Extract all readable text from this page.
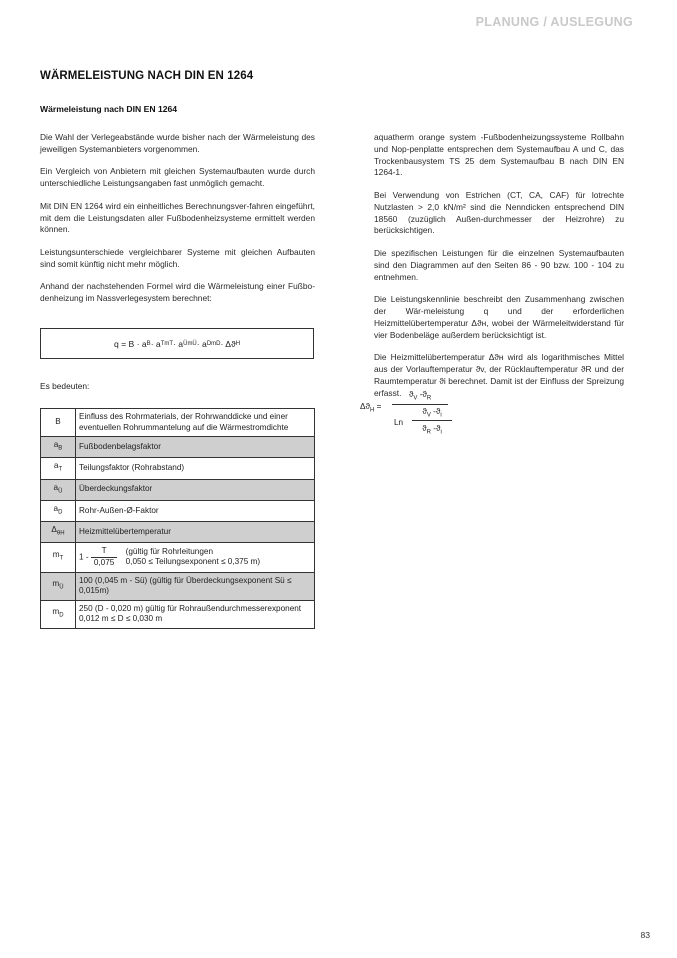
PLANUNG / AUSLEGUNG
WÄRMELEISTUNG NACH DIN EN 1264
Wärmeleistung nach DIN EN 1264

Die Wahl der Verlegeabstände wurde bisher nach der Wärmeleistung des jeweiligen Systemanbieters vorgenommen.

Ein Vergleich von Anbietern mit gleichen Systemaufbauten wurde durch unterschiedliche Leistungsangaben fast unmöglich gemacht.

Mit DIN EN 1264 wird ein einheitliches Berechnungsver-fahren eingeführt, mit dem die Leistungsdaten aller Fußbodenheizsysteme ermittelt werden können.

Leistungsunterschiede vergleichbarer Systeme mit gleichen Aufbauten sind somit künftig nicht mehr möglich.

Anhand der nachstehenden Formel wird die Wärmeleistung einer Fußbo-denheizung im Nassverlegesystem berechnet:

q
= B · a B · a T mT · a Ü mÜ · a D mD · Δϑ H
Es bedeuten:
B	Einfluss des Rohrmaterials, der Rohrwanddicke und einer eventuellen Rohrummantelung auf die Wärmestromdichte
$a_B$	Fußbodenbelagsfaktor
$a_T$	Teilungsfaktor (Rohrabstand)
$a_Ü$	Überdeckungsfaktor
$a_D$	Rohr-Außen-Ø-Faktor
$\Delta_{\theta H}$	Heizmittelübertemperatur
$m_T$	$1 - \frac{T}{0,075}$
(gültig für Rohrleitungen
0,050 ≤ Teilungsexponent ≤ 0,375 m)

$m_Ü$	100 (0,045 m - Sü) (gültig für Überdeckungsexponent Sü ≤ 0,015m)
$m_D$	250 (D - 0,020 m) gültig für Rohraußendurchmesserexponent 0,012 m ≤ D ≤ 0,030 m

aquatherm orange system -Fußbodenheizungssysteme Rollbahn und Nop-penplatte entsprechen dem Systemaufbau A und C, das Trockenbausystem TS 25 dem Systemaufbau B nach DIN EN 1264-1.

Bei Verwendung von Estrichen (CT, CA, CAF) für lotrechte Nutzlasten > 2,0 kN/m² sind die Nenndicken entsprechend DIN 18560 (zuzüglich Außen-durchmesser der Heizrohre) zu berücksichtigen.

Die spezifischen Leistungen für die einzelnen Systemaufbauten sind den Diagrammen auf den Seiten 86 - 90 bzw. 100 - 104 zu entnehmen.

Die Leistungskennlinie beschreibt den Zusammenhang zwischen der Wär-meleistung q und der erforderlichen Heizmittelübertemperatur Δϑн, wobei der Wärmeleitwiderstand für vier Bodenbeläge außerdem berücksichtigt ist.

Die Heizmittelübertemperatur Δϑн wird als logarithmisches Mittel aus der Vorlauftemperatur ϑv, der Rücklauftemperatur ϑR und der Raumtemperatur ϑi berechnet. Damit ist der Einfluss der Spreizung erfasst.

$\Delta ϑ_H$ =
$ϑ_V$ $-ϑ_R$
Ln
$ϑ_V$ $-ϑ_i$
$ϑ_R$ $-ϑ_i$
83
